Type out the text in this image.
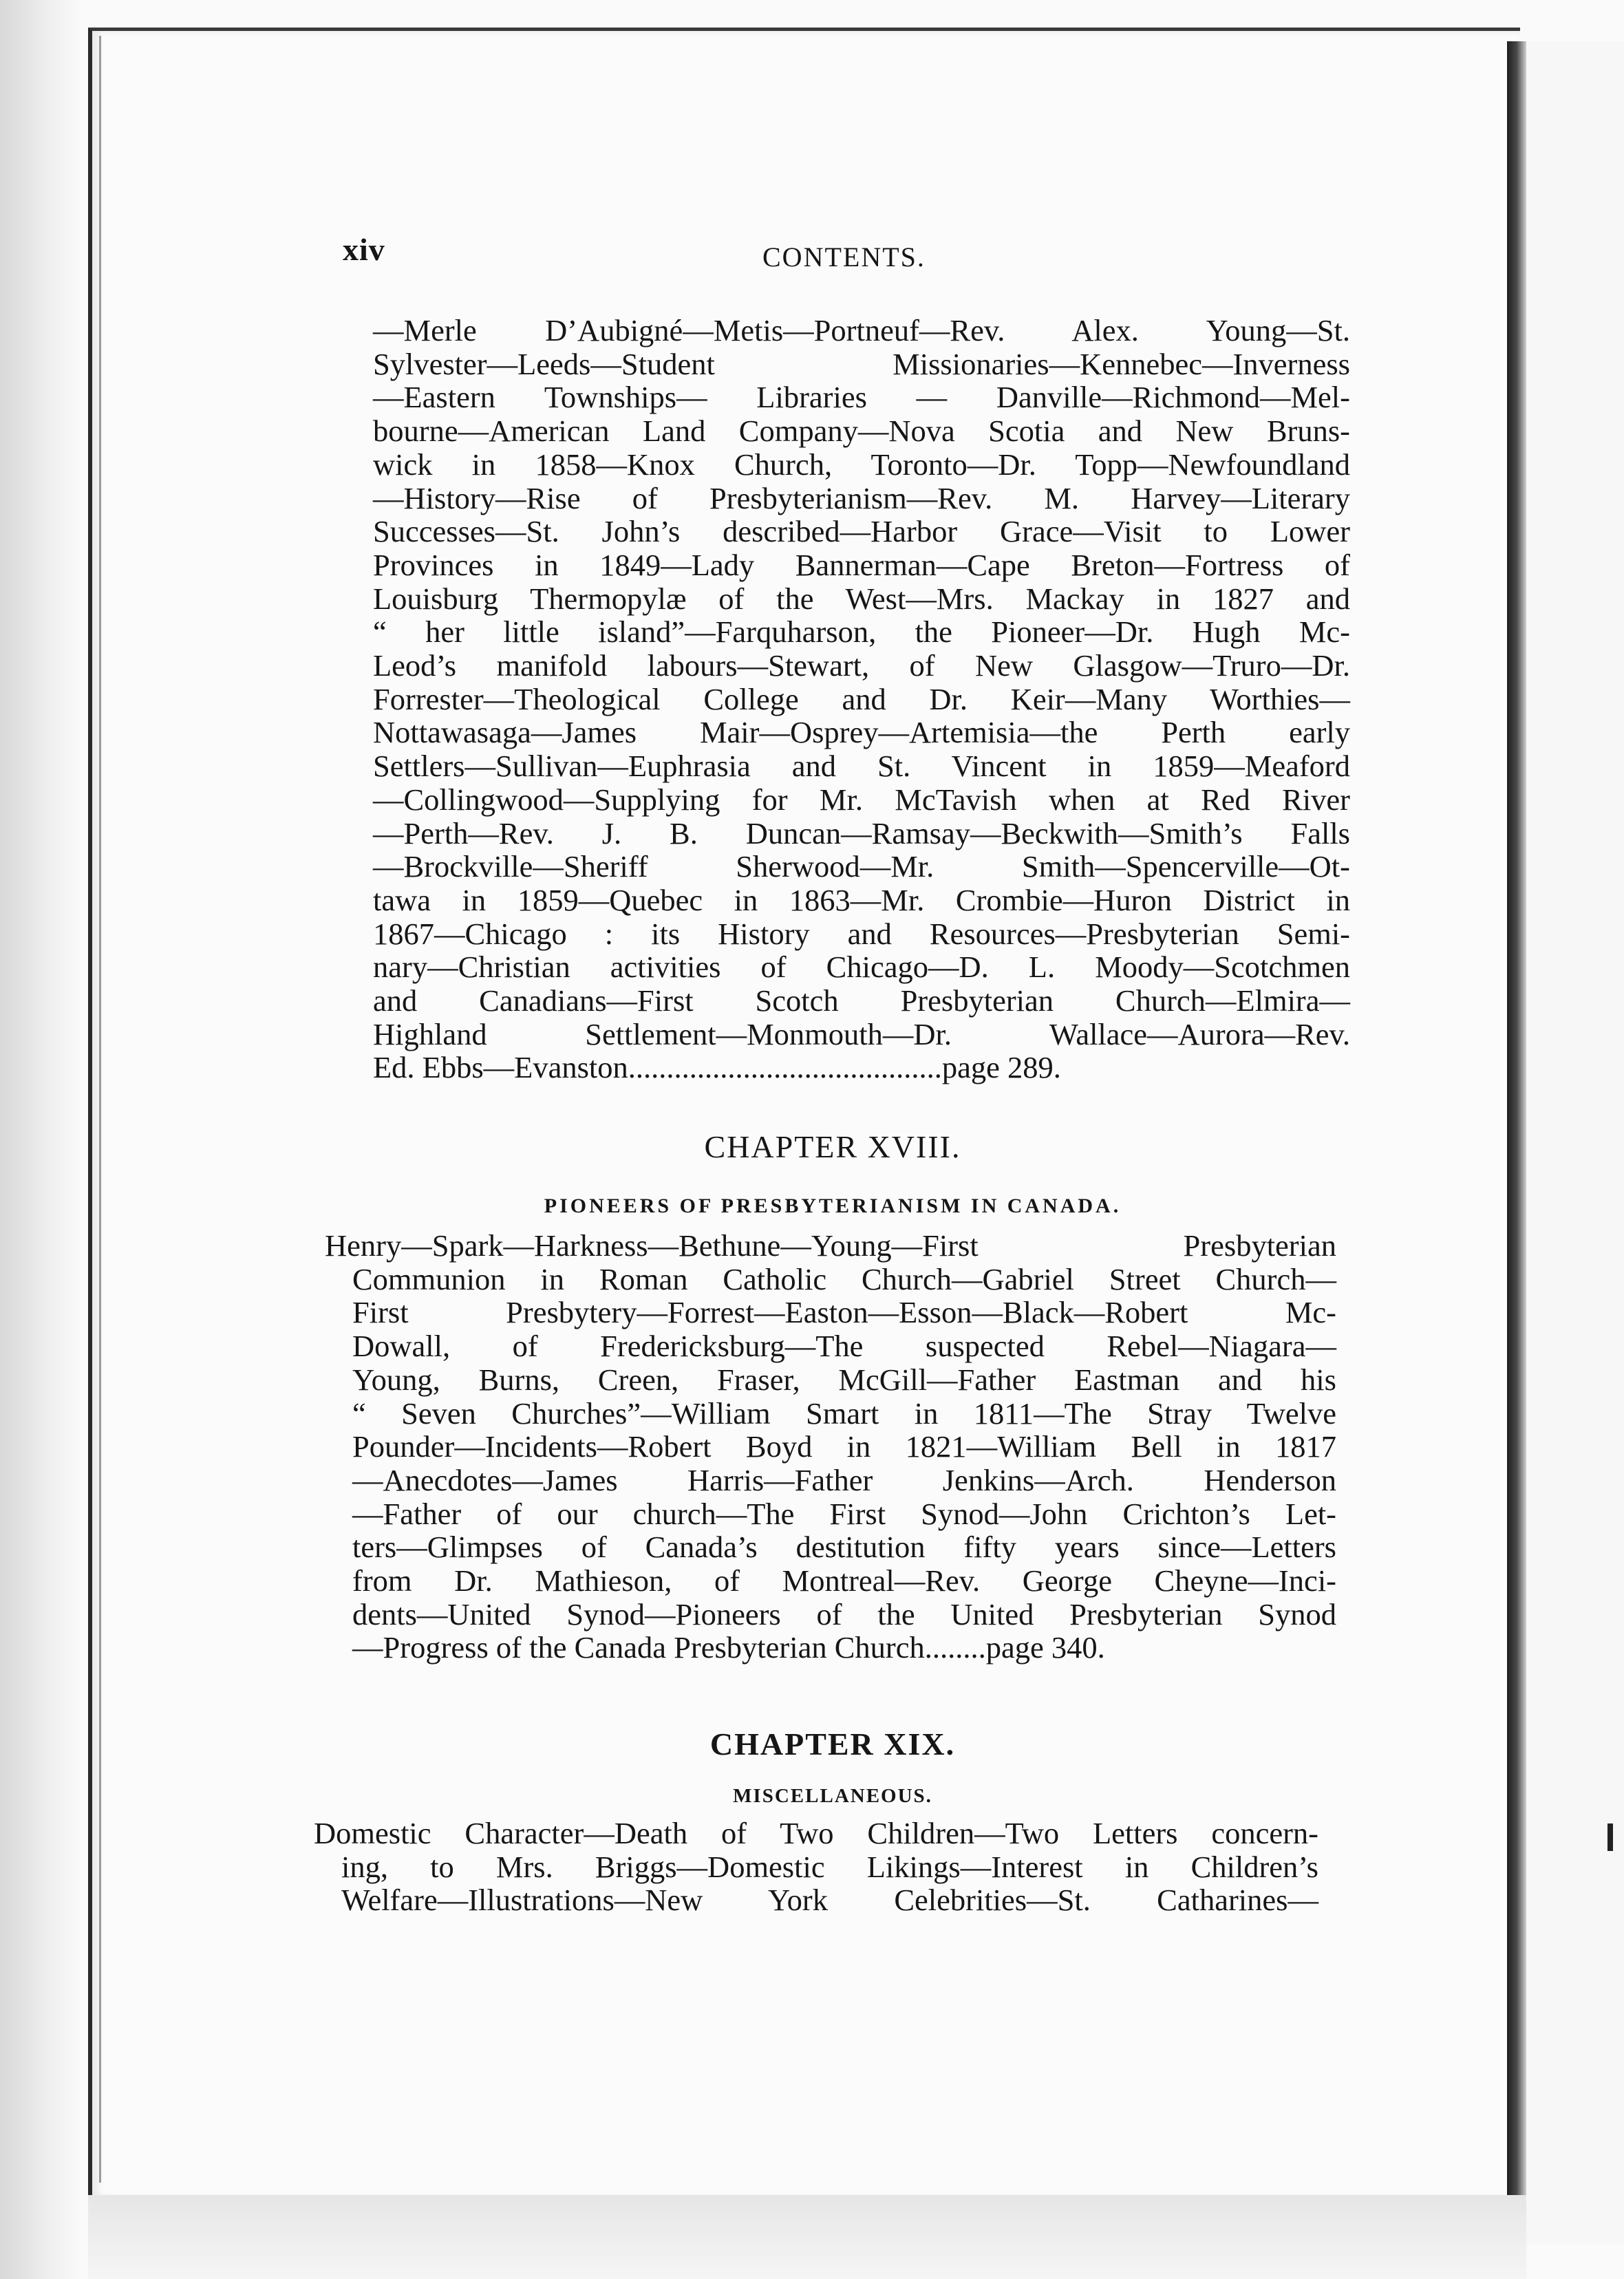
xiv	CONTENTS.
—Merle D’Aubigné—Metis—Portneuf—Rev. Alex. Young—St.
Sylvester—Leeds—Student Missionaries—Kennebec—Inverness
—Eastern Townships— Libraries — Danville—Richmond—Mel-
bourne—American Land Company—Nova Scotia and New Bruns-
wick in 1858—Knox Church, Toronto—Dr. Topp—Newfoundland
—History—Rise of Presbyterianism—Rev. M. Harvey—Literary
Successes—St. John’s described—Harbor Grace—Visit to Lower
Provinces in 1849—Lady Bannerman—Cape Breton—Fortress of
Louisburg Thermopylæ of the West—Mrs. Mackay in 1827 and
“ her little island”—Farquharson, the Pioneer—Dr. Hugh Mc-
Leod’s manifold labours—Stewart, of New Glasgow—Truro—Dr.
Forrester—Theological College and Dr. Keir—Many Worthies—
Nottawasaga—James Mair—Osprey—Artemisia—the Perth early
Settlers—Sullivan—Euphrasia and St. Vincent in 1859—Meaford
—Collingwood—Supplying for Mr. McTavish when at Red River
—Perth—Rev. J. B. Duncan—Ramsay—Beckwith—Smith’s Falls
—Brockville—Sheriff Sherwood—Mr. Smith—Spencerville—Ot-
tawa in 1859—Quebec in 1863—Mr. Crombie—Huron District in
1867—Chicago : its History and Resources—Presbyterian Semi-
nary—Christian activities of Chicago—D. L. Moody—Scotchmen
and Canadians—First Scotch Presbyterian Church—Elmira—
Highland Settlement—Monmouth—Dr. Wallace—Aurora—Rev.
Ed. Ebbs—Evanston.........................................page 289.
CHAPTER XVIII.
PIONEERS OF PRESBYTERIANISM IN CANADA.
Henry—Spark—Harkness—Bethune—Young—First Presbyterian
Communion in Roman Catholic Church—Gabriel Street Church—
First Presbytery—Forrest—Easton—Esson—Black—Robert Mc-
Dowall, of Fredericksburg—The suspected Rebel—Niagara—
Young, Burns, Creen, Fraser, McGill—Father Eastman and his
“ Seven Churches”—William Smart in 1811—The Stray Twelve
Pounder—Incidents—Robert Boyd in 1821—William Bell in 1817
—Anecdotes—James Harris—Father Jenkins—Arch. Henderson
—Father of our church—The First Synod—John Crichton’s Let-
ters—Glimpses of Canada’s destitution fifty years since—Letters
from Dr. Mathieson, of Montreal—Rev. George Cheyne—Inci-
dents—United Synod—Pioneers of the United Presbyterian Synod
—Progress of the Canada Presbyterian Church........page 340.
CHAPTER XIX.
MISCELLANEOUS.
Domestic Character—Death of Two Children—Two Letters concern-
ing, to Mrs. Briggs—Domestic Likings—Interest in Children’s
Welfare—Illustrations—New York Celebrities—St. Catharines—
